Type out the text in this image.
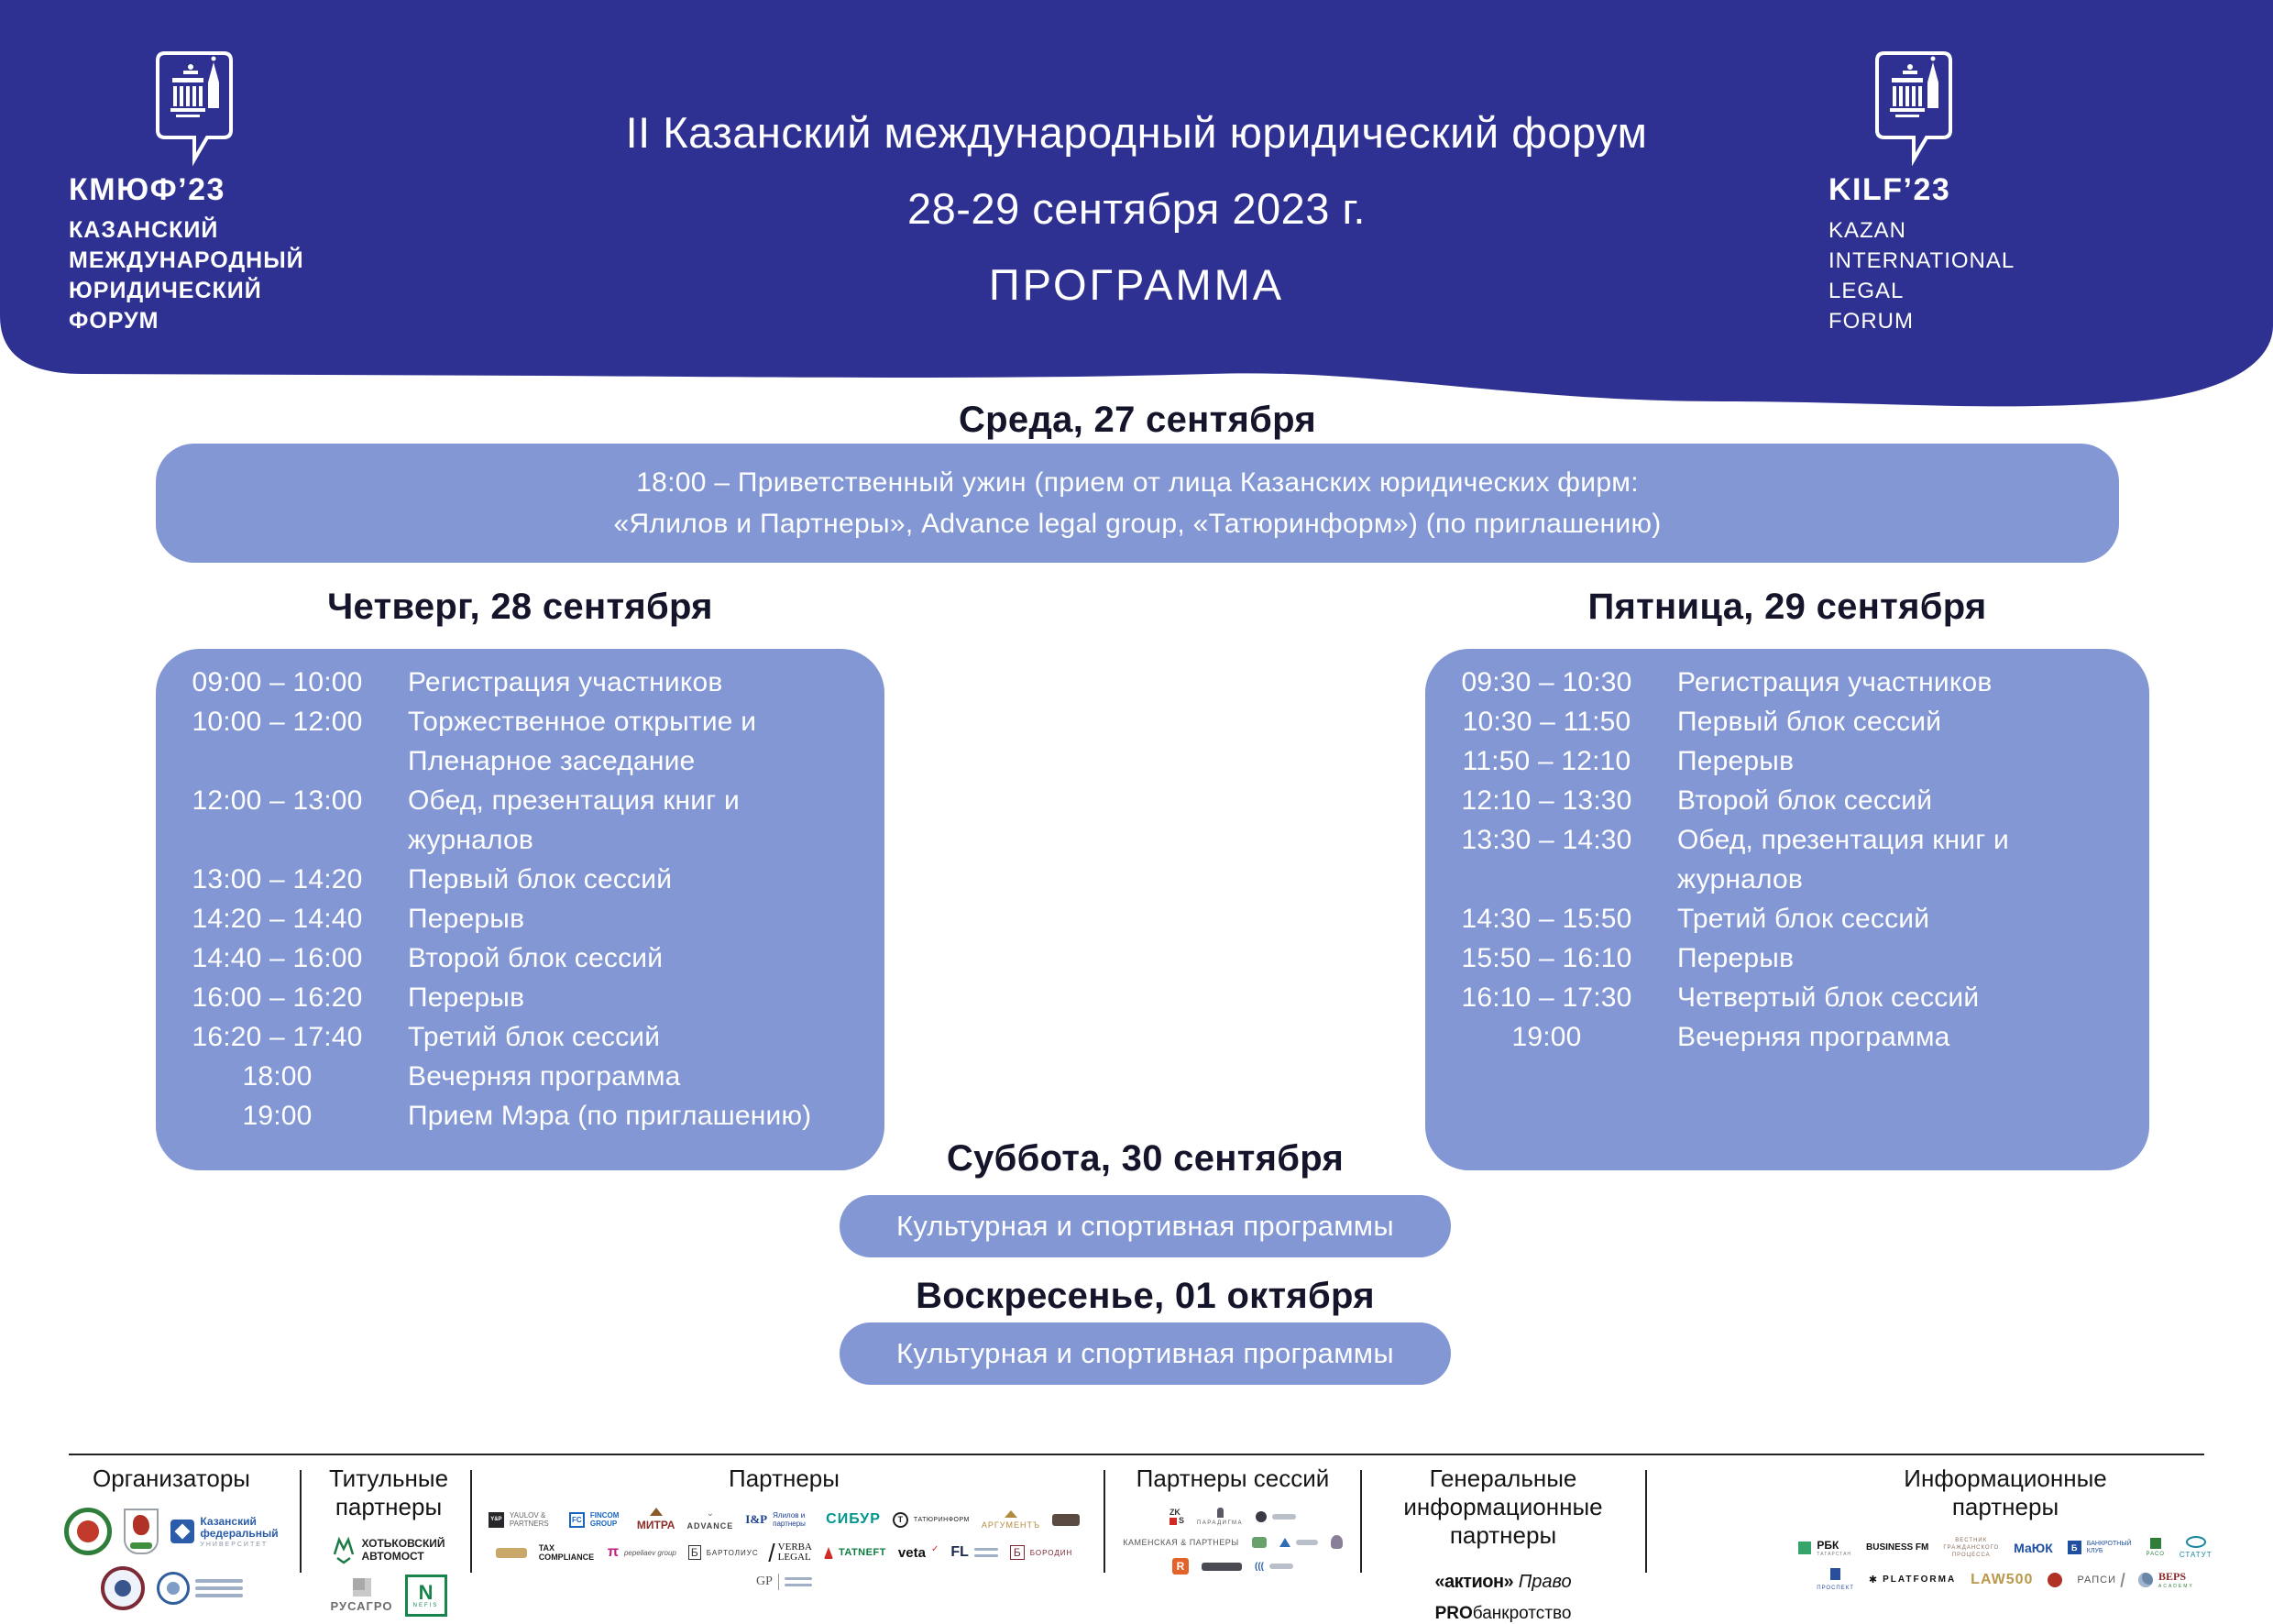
КМЮФ’23
КАЗАНСКИЙ
МЕЖДУНАРОДНЫЙ
ЮРИДИЧЕСКИЙ
ФОРУМ
KILF’23
KAZAN
INTERNATIONAL
LEGAL
FORUM
II Казанский международный юридический форум
28-29 сентября 2023 г.
ПРОГРАММА
Среда, 27 сентября
18:00 – Приветственный ужин (прием от лица Казанских юридических фирм:
«Ялилов и Партнеры», Advance legal group, «Татюринформ») (по приглашению)
Четверг, 28 сентября
09:00 – 10:00	Регистрация участников
10:00 – 12:00	Торжественное открытие и Пленарное заседание
12:00 – 13:00	Обед, презентация книг и журналов
13:00 – 14:20	Первый блок сессий
14:20 – 14:40	Перерыв
14:40 – 16:00	Второй блок сессий
16:00 – 16:20	Перерыв
16:20 – 17:40	Третий блок сессий
18:00	Вечерняя программа
19:00	Прием Мэра (по приглашению)
Пятница, 29 сентября
09:30 – 10:30	Регистрация участников
10:30 – 11:50	Первый блок сессий
11:50 – 12:10	Перерыв
12:10 – 13:30	Второй блок сессий
13:30 – 14:30	Обед, презентация книг и журналов
14:30 – 15:50	Третий блок сессий
15:50 – 16:10	Перерыв
16:10 – 17:30	Четвертый блок сессий
19:00	Вечерняя программа
Суббота, 30 сентября
Культурная и спортивная программы
Воскресенье, 01 октября
Культурная и спортивная программы
Организаторы
Казанский
федеральный
УНИВЕРСИТЕТ
Титульные партнеры
ХОТЬКОВСКИЙ
АВТОМОСТ
РУСАГРО
N
NEFIS
Партнеры
Y&P YAULOV & PARTNERS	FC	FINCOM GROUP	МИТРА
⌄
ADVANCE I&P Ялилов и партнеры	СИБУР	T	ТАТЮРИНФОРМ
АРГУМЕНТЪ
TAX COMPLIANCE π pepeliaev group Б	БАРТОЛИУС VERBA
LEGAL	TATNEFT veta ✓ FL	Б	БОРОДИН
GP
Партнеры сессий
ZK
S ПАРАДИГМА
КАМЕНСКАЯ & ПАРТНЕРЫ
R	(((
Генеральные информационные
партнеры
«актион» Право
PROбанкротство
Информационные
партнеры
РБК
ТАТАРСТАН
BUSINESS FM
ВЕСТНИК
ГРАЖДАНСКОГО
ПРОЦЕССА	МаЮК	Б	БАНКРОТНЫЙ
КЛУБ
РАСО СТАТУТ
ПРОСПЕКТ
✱ PLATFORMA LAW500	РАПСИ	BEPS
ACADEMY
